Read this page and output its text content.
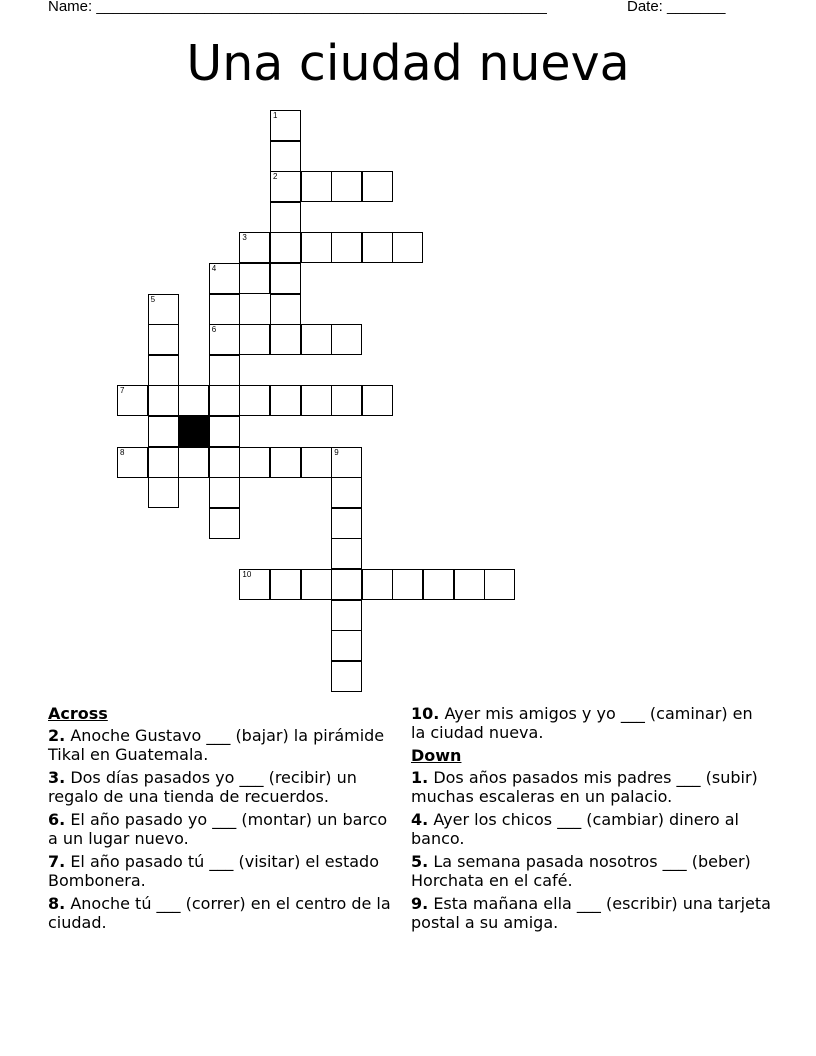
Name: ______________________________________________________	Date: _______
Una ciudad nueva
1
2
3
4
5
6
7
8	9
10
Across
2. Anoche Gustavo ___ (bajar) la pirámide Tikal en Guatemala.
3. Dos días pasados yo ___ (recibir) un regalo de una tienda de recuerdos.
6. El año pasado yo ___ (montar) un barco a un lugar nuevo.
7. El año pasado tú ___ (visitar) el estado Bombonera.
8. Anoche tú ___ (correr) en el centro de la ciudad.
10. Ayer mis amigos y yo ___ (caminar) en la ciudad nueva.
Down
1. Dos años pasados mis padres ___ (subir) muchas escaleras en un palacio.
4. Ayer los chicos ___ (cambiar) dinero al banco.
5. La semana pasada nosotros ___ (beber) Horchata en el café.
9. Esta mañana ella ___ (escribir) una tarjeta postal a su amiga.
